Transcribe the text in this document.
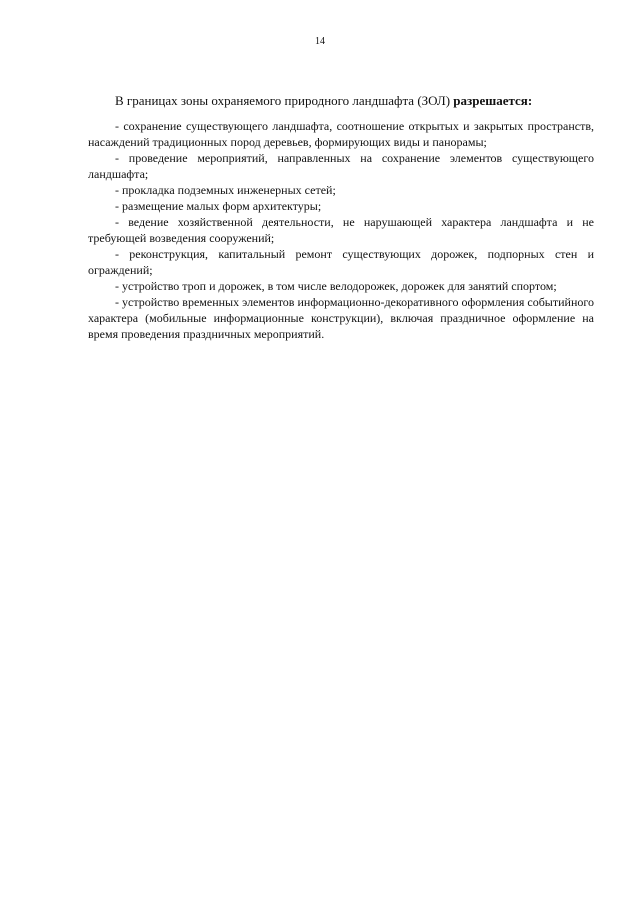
14

В границах зоны охраняемого природного ландшафта (ЗОЛ) разрешается:

- сохранение существующего ландшафта, соотношение открытых и закрытых пространств, насаждений традиционных пород деревьев, формирующих виды и панорамы;
- проведение мероприятий, направленных на сохранение элементов существующего ландшафта;
- прокладка подземных инженерных сетей;
- размещение малых форм архитектуры;
- ведение хозяйственной деятельности, не нарушающей характера ландшафта и не требующей возведения сооружений;
- реконструкция, капитальный ремонт существующих дорожек, подпорных стен и ограждений;
- устройство троп и дорожек, в том числе велодорожек, дорожек для занятий спортом;
- устройство временных элементов информационно-декоративного оформления событийного характера (мобильные информационные конструкции), включая праздничное оформление на время проведения праздничных мероприятий.
